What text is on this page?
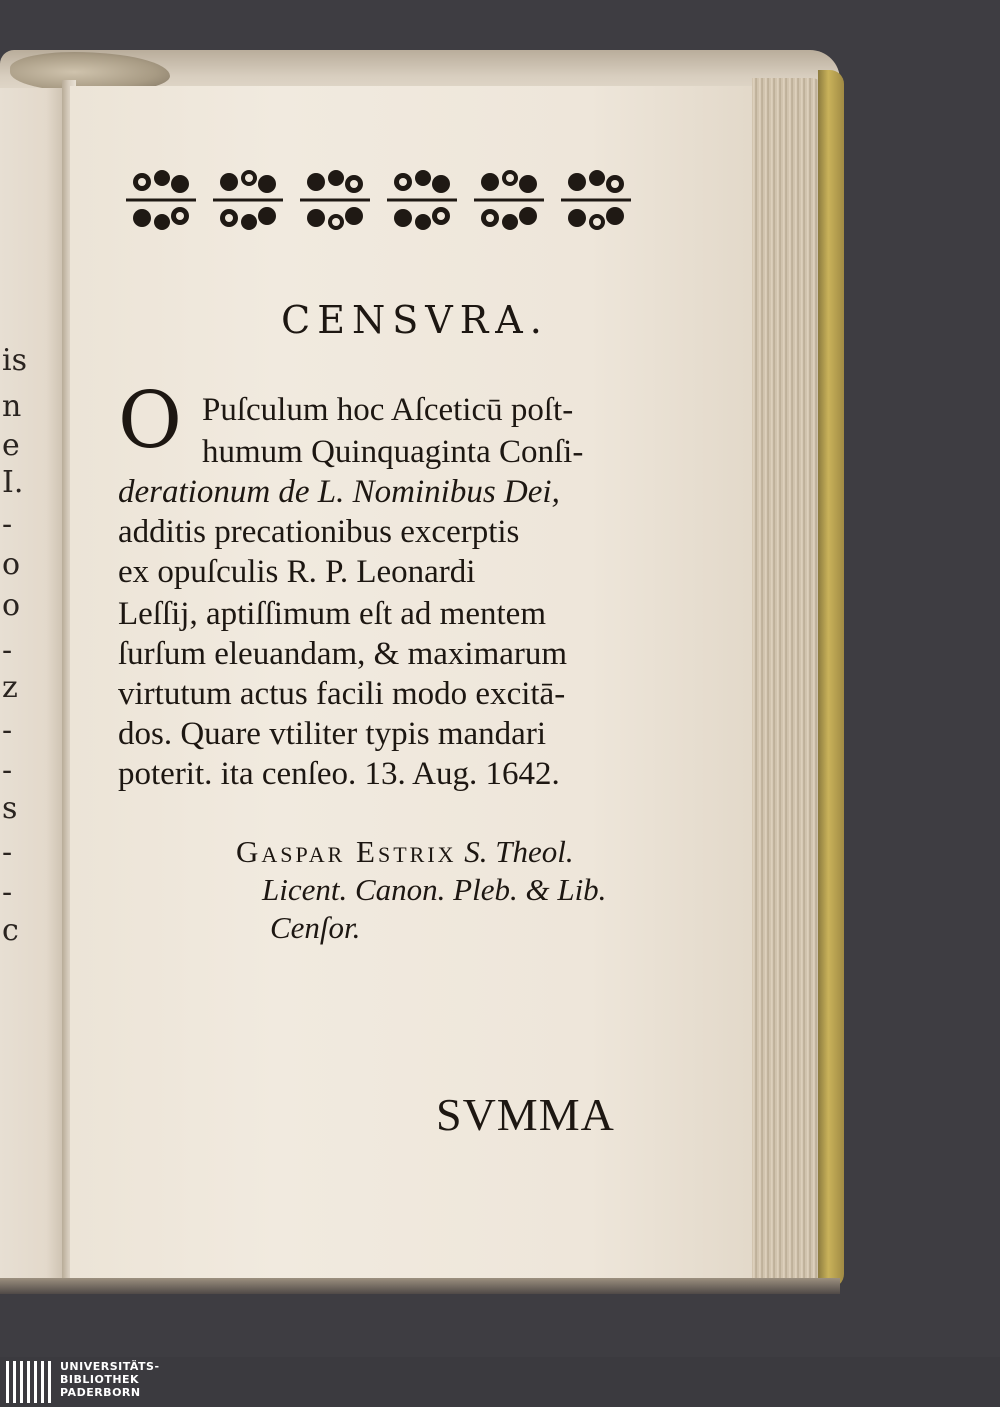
is
n
e
I.
-
o
o
-
z
-
-
s
-
-
c
CENSVRA.
O Puſculum hoc Aſceticū poſt-
humum Quinquaginta Conſi-
derationum de L. Nominibus Dei,
additis precationibus excerptis
ex opuſculis R. P. Leonardi
Leſſij, aptiſſimum eſt ad mentem
ſurſum eleuandam, & maximarum
virtutum actus facili modo excitā-
dos. Quare vtiliter typis mandari
poterit. ita cenſeo. 13. Aug. 1642.
Gaspar Estrix S. Theol.
Licent. Canon. Pleb. & Lib.
Cenſor.
SVMMA
UNIVERSITÄTS-
BIBLIOTHEK
PADERBORN
